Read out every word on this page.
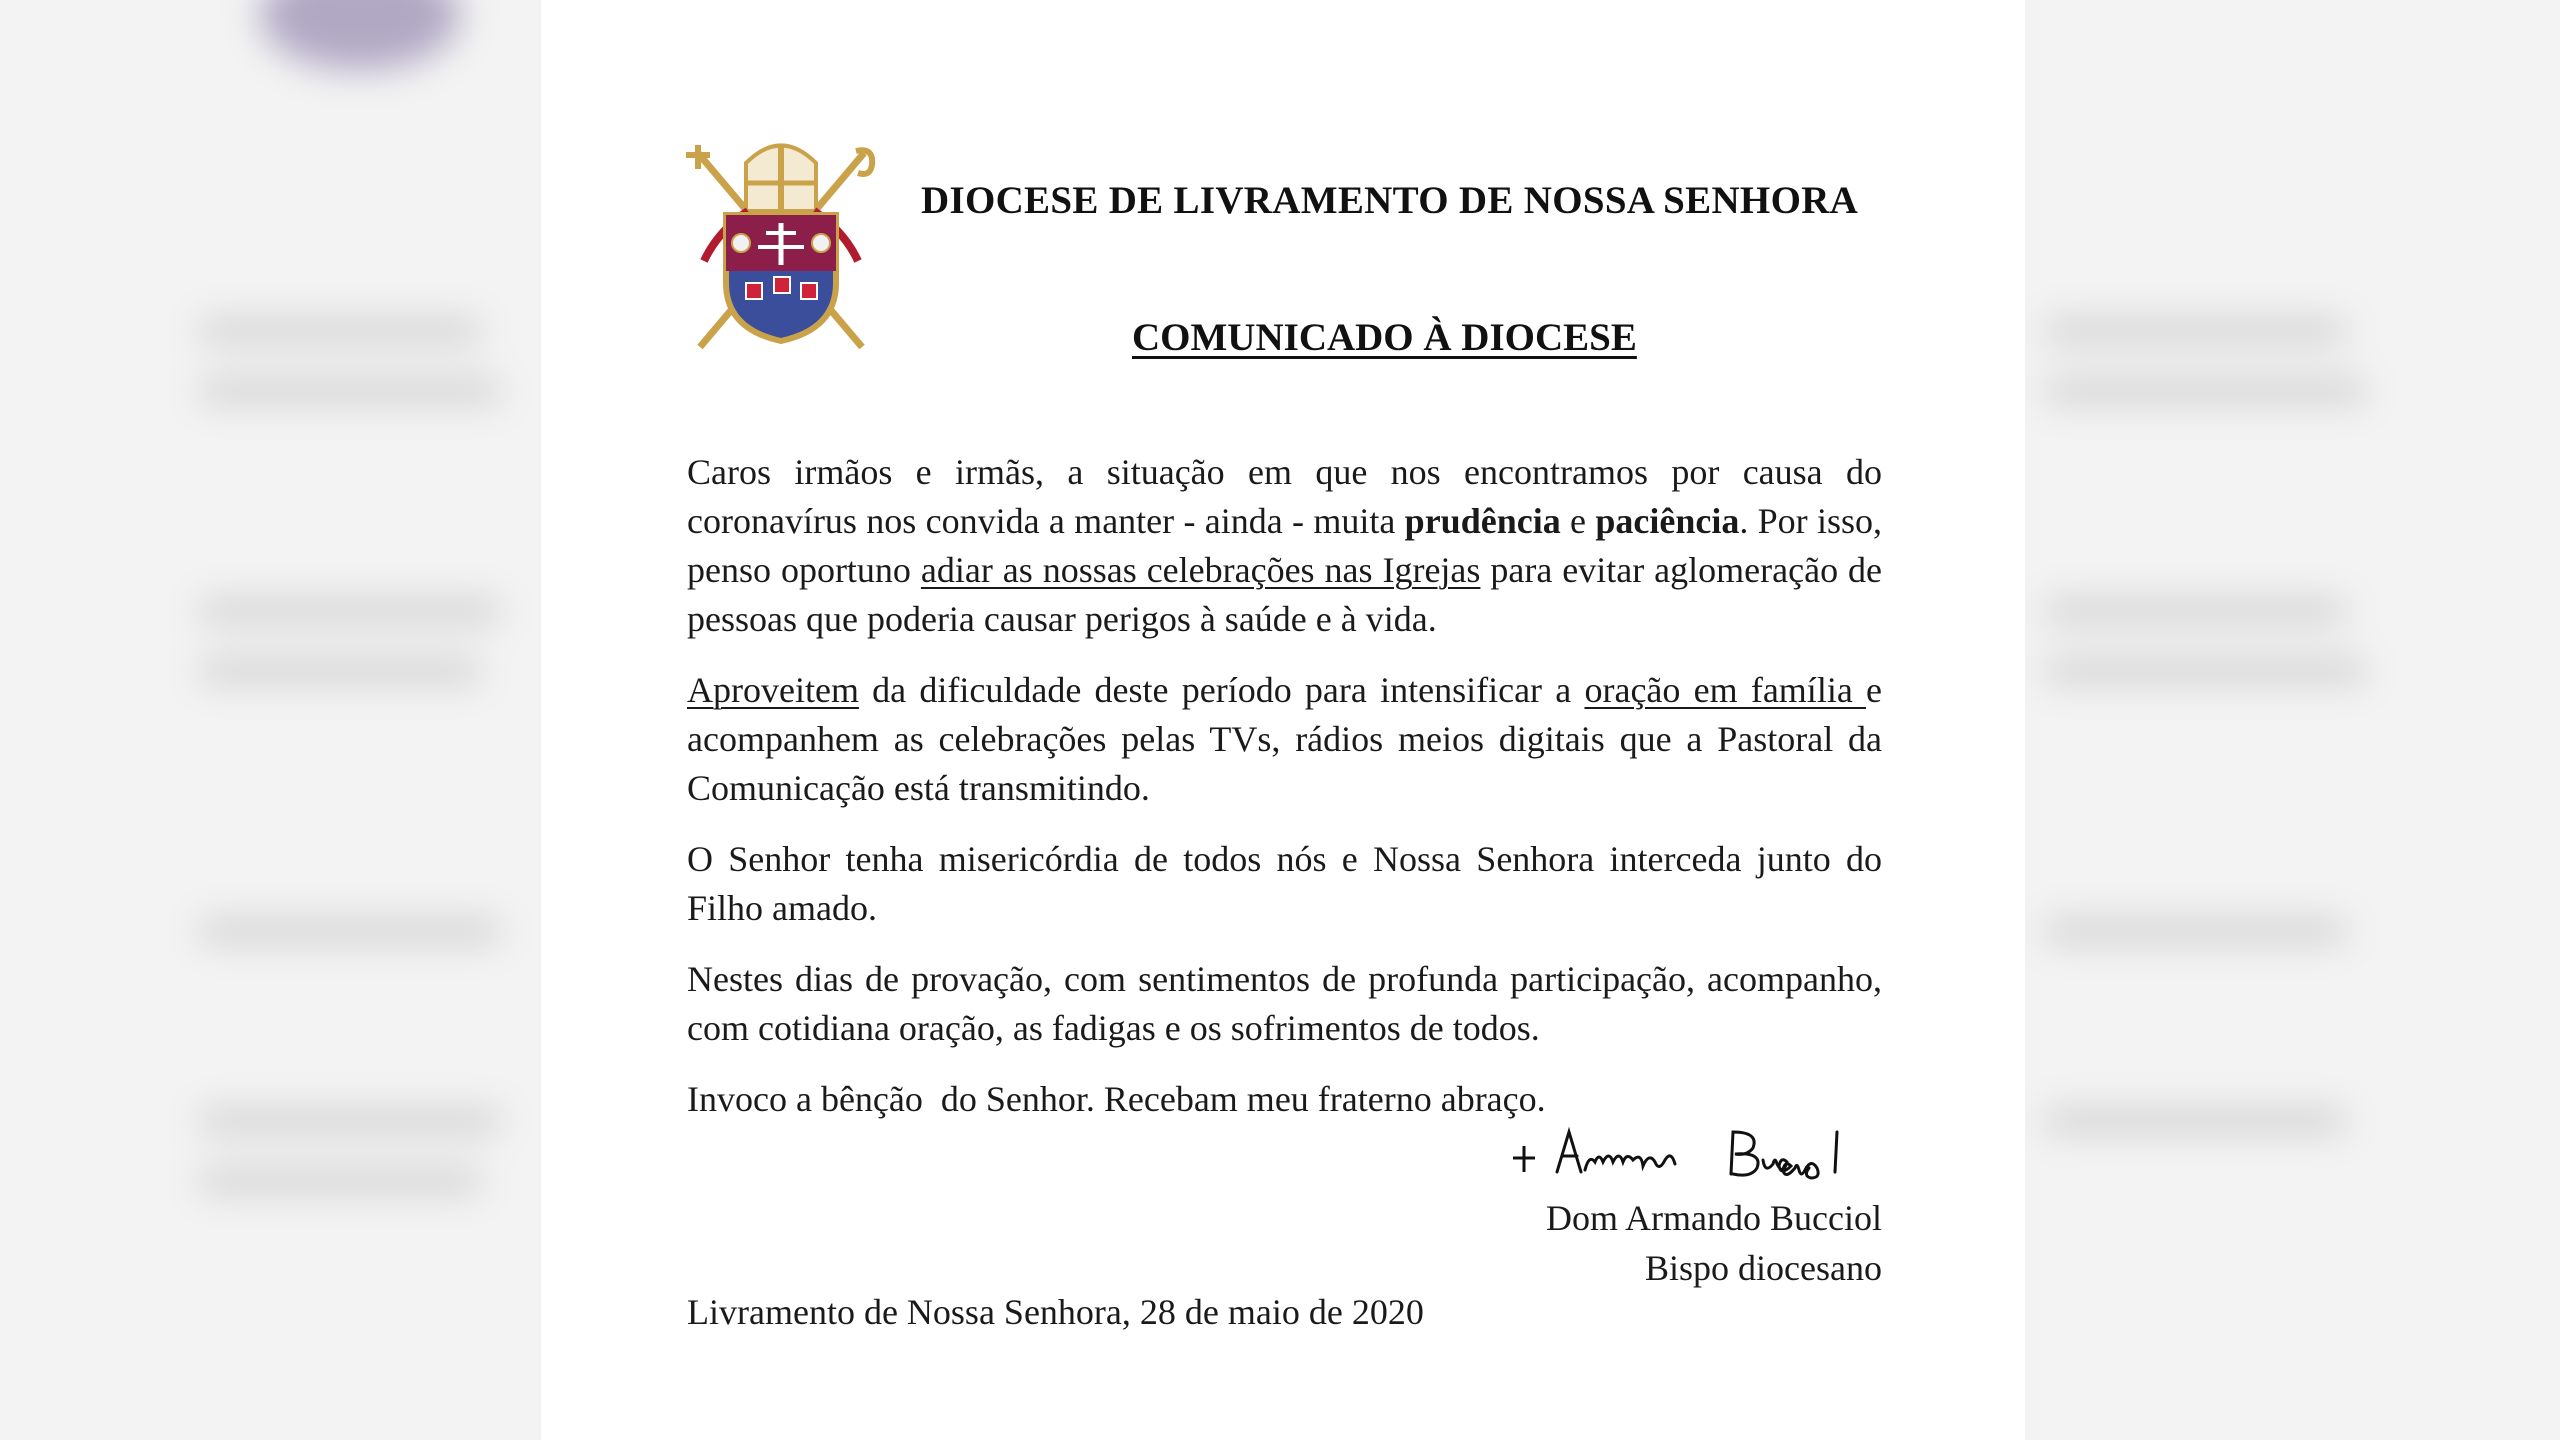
DIOCESE DE LIVRAMENTO DE NOSSA SENHORA
COMUNICADO À DIOCESE

Caros irmãos e irmãs, a situação em que nos encontramos por causa do coronavírus nos convida a manter - ainda - muita prudência e paciência. Por isso, penso oportuno adiar as nossas celebrações nas Igrejas para evitar aglomeração de pessoas que poderia causar perigos à saúde e à vida.

Aproveitem da dificuldade deste período para intensificar a oração em família e acompanhem as celebrações pelas TVs, rádios meios digitais que a Pastoral da Comunicação está transmitindo.

O Senhor tenha misericórdia de todos nós e Nossa Senhora interceda junto do Filho amado.

Nestes dias de provação, com sentimentos de profunda participação, acompanho, com cotidiana oração, as fadigas e os sofrimentos de todos.

Invoco a bênção  do Senhor. Recebam meu fraterno abraço.

Dom Armando Bucciol
Bispo diocesano
Livramento de Nossa Senhora, 28 de maio de 2020
